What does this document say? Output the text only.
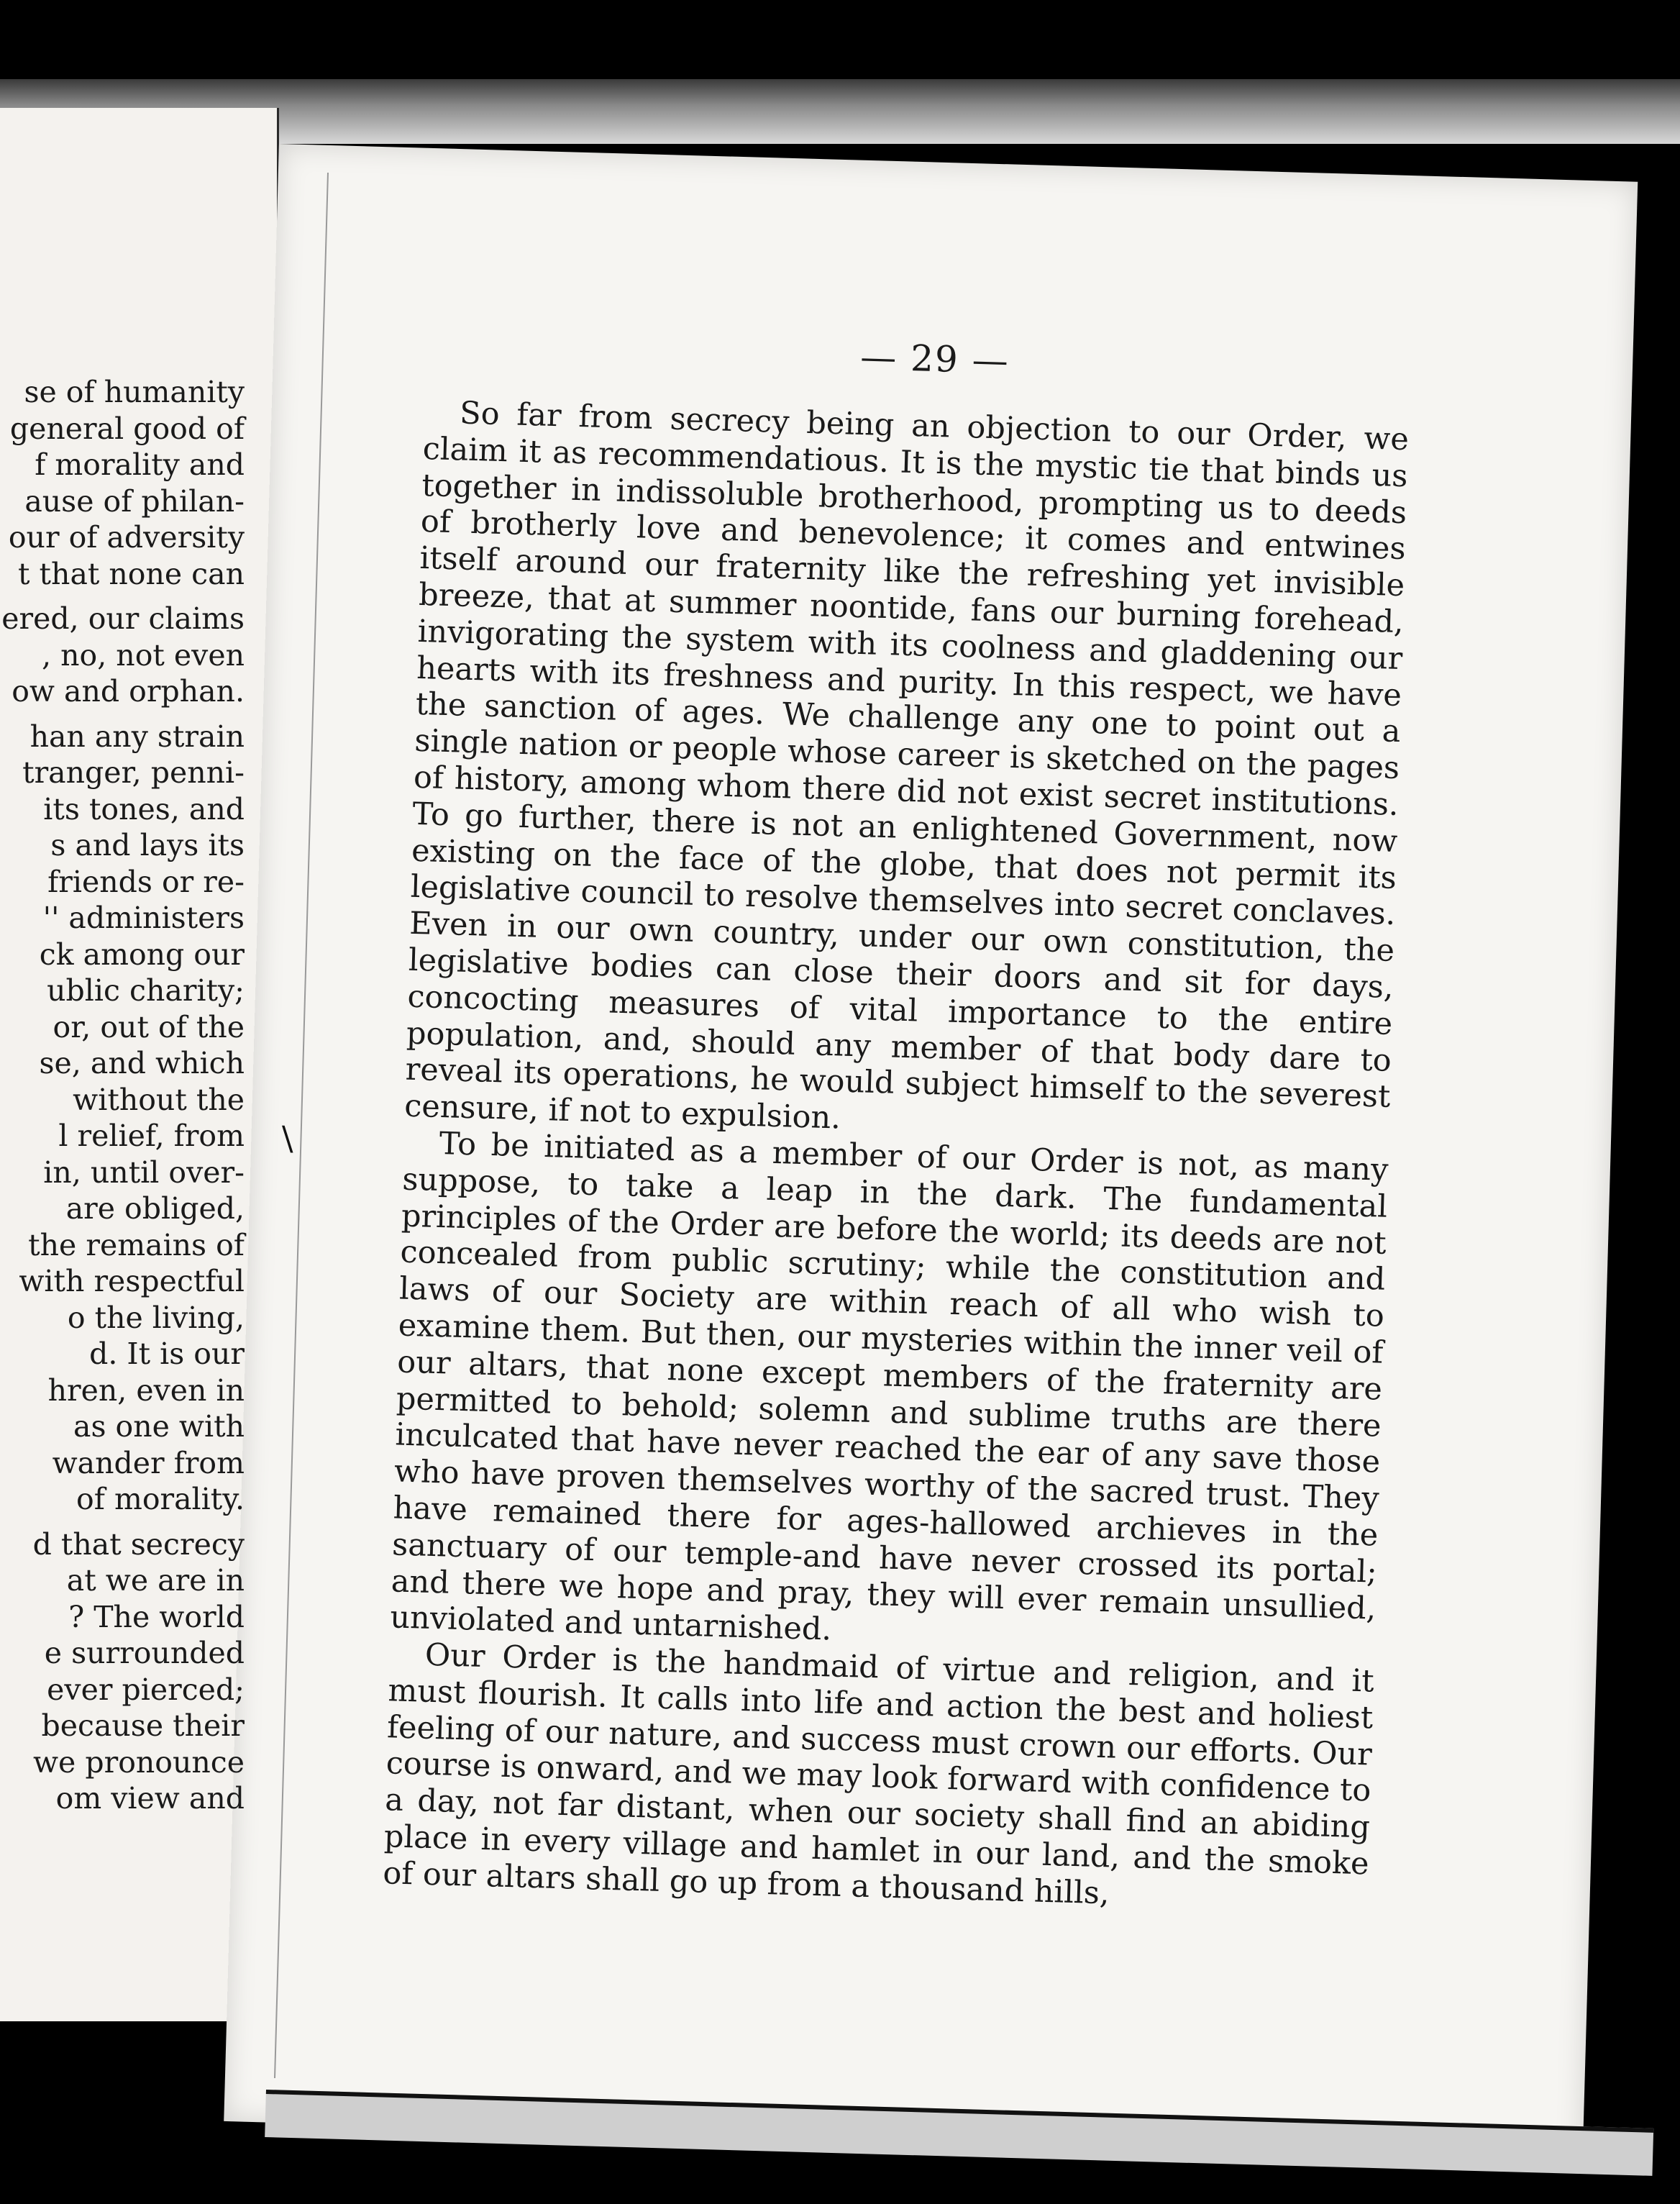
se of humanity
general good of
f morality and
ause of philan-
our of adversity
t that none can
ered, our claims
, no, not even
ow and orphan.
han any strain
tranger, penni-
its tones, and
s and lays its
friends or re-
'' administers
ck among our
ublic charity;
or, out of the
se, and which
without the
l relief, from
in, until over-
are obliged,
the remains of
with respectful
o the living,
d. It is our
hren, even in
as one with
wander from
of morality.
d that secrecy
at we are in
? The world
e surrounded
ever pierced;
because their
we pronounce
om view and
— 29 —

So far from secrecy being an objection to our Order, we claim it as recommendatious. It is the mystic tie that binds us together in indissoluble brotherhood, prompting us to deeds of brotherly love and benevolence; it comes and entwines itself around our fraternity like the refreshing yet invisible breeze, that at summer noontide, fans our burning forehead, invigorating the system with its coolness and gladdening our hearts with its freshness and purity. In this respect, we have the sanction of ages. We challenge any one to point out a single nation or people whose career is sketched on the pages of history, among whom there did not exist secret institutions. To go further, there is not an enlightened Government, now existing on the face of the globe, that does not permit its legislative council to resolve themselves into secret conclaves. Even in our own country, under our own constitution, the legislative bodies can close their doors and sit for days, concocting measures of vital importance to the entire population, and, should any member of that body dare to reveal its operations, he would subject himself to the severest censure, if not to expulsion.

To be initiated as a member of our Order is not, as many suppose, to take a leap in the dark. The fundamental principles of the Order are before the world; its deeds are not concealed from public scrutiny; while the constitution and laws of our Society are within reach of all who wish to examine them. But then, our mysteries within the inner veil of our altars, that none except members of the fraternity are permitted to behold; solemn and sublime truths are there inculcated that have never reached the ear of any save those who have proven themselves worthy of the sacred trust. They have remained there for ages-hallowed archieves in the sanctuary of our temple-and have never crossed its portal; and there we hope and pray, they will ever remain unsullied, unviolated and untarnished.

Our Order is the handmaid of virtue and religion, and it must flourish. It calls into life and action the best and holiest feeling of our nature, and success must crown our efforts. Our course is onward, and we may look forward with confidence to a day, not far distant, when our society shall find an abiding place in every village and hamlet in our land, and the smoke of our altars shall go up from a thousand hills,

\
